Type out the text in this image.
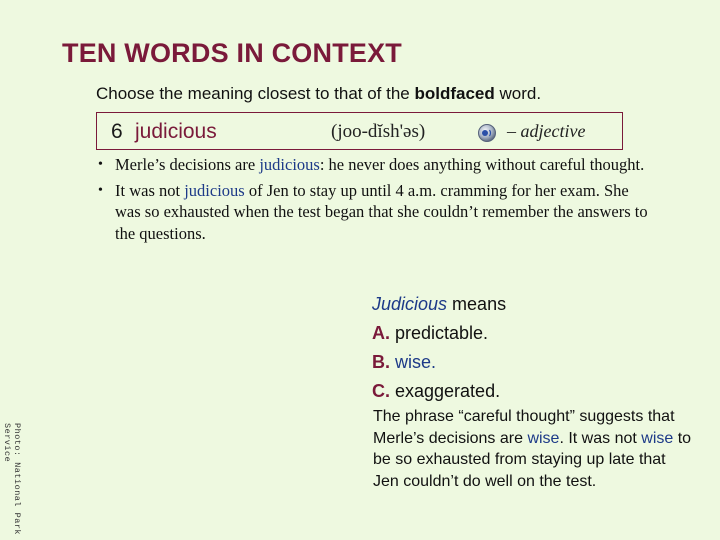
TEN WORDS IN CONTEXT
Choose the meaning closest to that of the boldfaced word.
6 judicious	(joo-dĭsh'əs)	– adjective
• Merle’s decisions are judicious: he never does anything without careful thought.
• It was not judicious of Jen to stay up until 4 a.m. cramming for her exam. She was so exhausted when the test began that she couldn’t remember the answers to the questions.
Judicious means
A. predictable.
B. wise.
C. exaggerated.
The phrase “careful thought” suggests that Merle’s decisions are wise. It was not wise to be so exhausted from staying up late that Jen couldn’t do well on the test.
Photo: National Park Service
